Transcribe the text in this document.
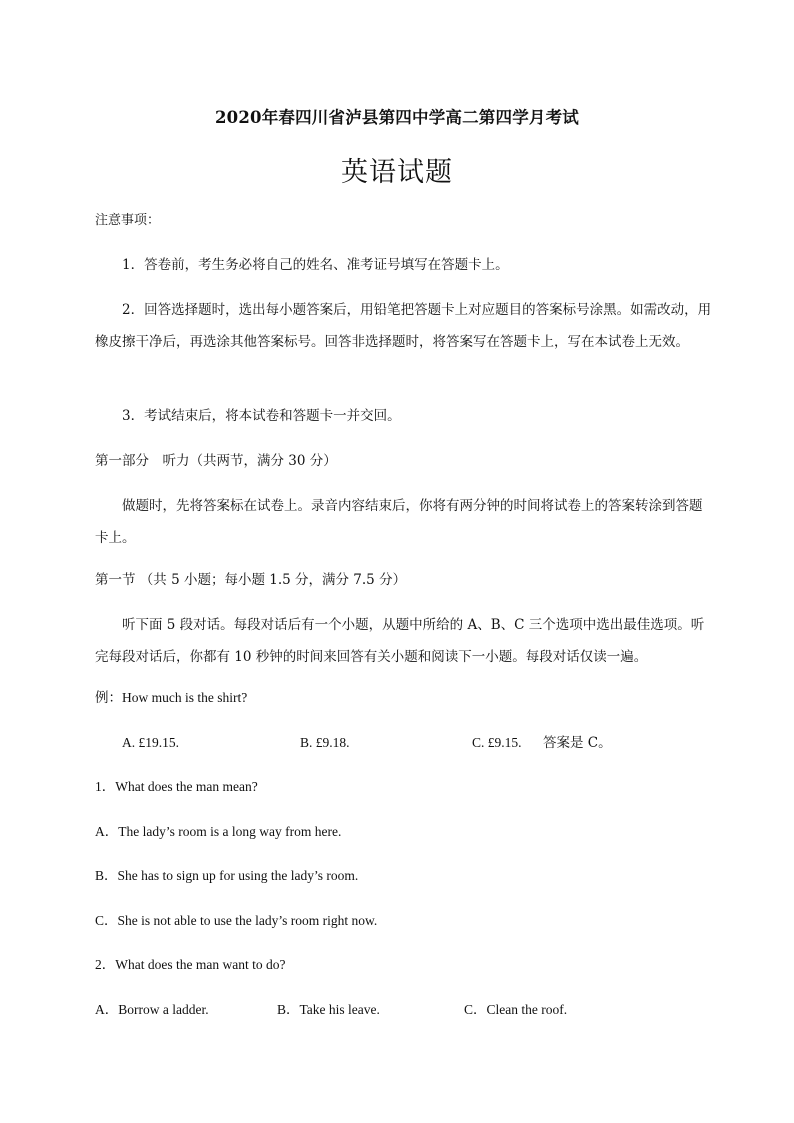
2020年春四川省泸县第四中学高二第四学月考试
英语试题
注意事项：
1．答卷前，考生务必将自己的姓名、准考证号填写在答题卡上。

2．回答选择题时，选出每小题答案后，用铅笔把答题卡上对应题目的答案标号涂黑。如需改动，用橡皮擦干净后，再选涂其他答案标号。回答非选择题时，将答案写在答题卡上，写在本试卷上无效。

3．考试结束后，将本试卷和答题卡一并交回。
第一部分　听力（共两节，满分 30 分）

做题时，先将答案标在试卷上。录音内容结束后，你将有两分钟的时间将试卷上的答案转涂到答题卡上。

第一节 （共 5 小题；每小题 1.5 分，满分 7.5 分）

听下面 5 段对话。每段对话后有一个小题，从题中所给的 A、B、C 三个选项中选出最佳选项。听完每段对话后，你都有 10 秒钟的时间来回答有关小题和阅读下一小题。每段对话仅读一遍。

例：How much is the shirt?
A. £19.15.	B. £9.18.	C. £9.15. 答案是 C。
1．What does the man mean?
A．The lady’s room is a long way from here.
B．She has to sign up for using the lady’s room.
C．She is not able to use the lady’s room right now.
2．What does the man want to do?
A．Borrow a ladder.	B．Take his leave.	C．Clean the roof.
